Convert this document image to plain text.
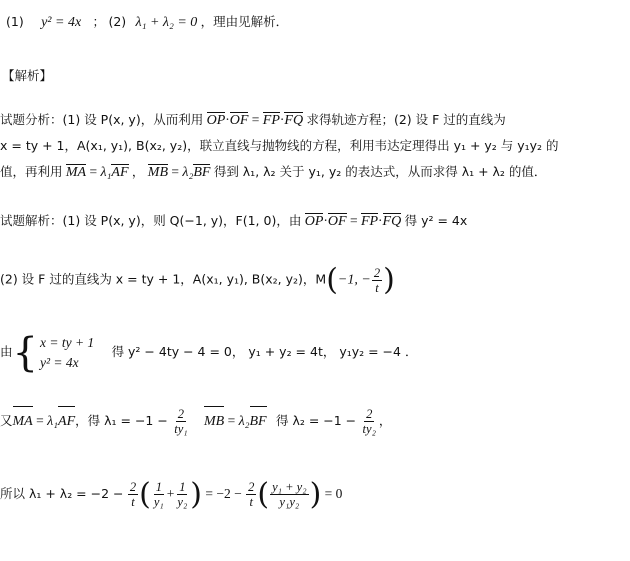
(1) y² = 4x ； (2) λ₁ + λ₂ = 0 ，理由见解析．
【解析】
试题分析：(1) 设 P(x, y)，从而利用 OP·OF = FP·FQ 求得轨迹方程；(2) 设 F 过的直线为
x = ty + 1，A(x₁, y₁), B(x₂, y₂)，联立直线与抛物线的方程，利用韦达定理得出 y₁ + y₂ 与 y₁y₂ 的
值，再利用 MA = λ₁AF ， MB = λ₂BF 得到 λ₁, λ₂ 关于 y₁, y₂ 的表达式，从而求得 λ₁ + λ₂ 的值．
试题解析：(1) 设 P(x, y)，则 Q(−1, y)，F(1, 0)，由 OP·OF = FP·FQ 得 y² = 4x
(2) 设 F 过的直线为 x = ty + 1，A(x₁, y₁), B(x₂, y₂)，M(−1, − $\frac{2}{t}$ )
由{ x = ty + 1
y² = 4x
得 y² − 4ty − 4 = 0， y₁ + y₂ = 4t， y₁y₂ = −4 ．
又MA = λ₁AF，得 $\lambda_1 = -1 - \frac{2}{\text{ty₁}}$ MB = λ₂BF 得 $\lambda_2 = -1 - \frac{2}{\text{ty₂}}$ ，
所以 $\lambda_1 + \lambda_2 = -2 - \frac{2}{t}$ ( $\frac{1}{\text{y₁}} + \frac{1}{\text{y₂}}$ ) = $-2 - \frac{2}{t}$ ( $\frac{\text{y₁ + y₂}}{\text{y₁y₂}}$ ) = 0
